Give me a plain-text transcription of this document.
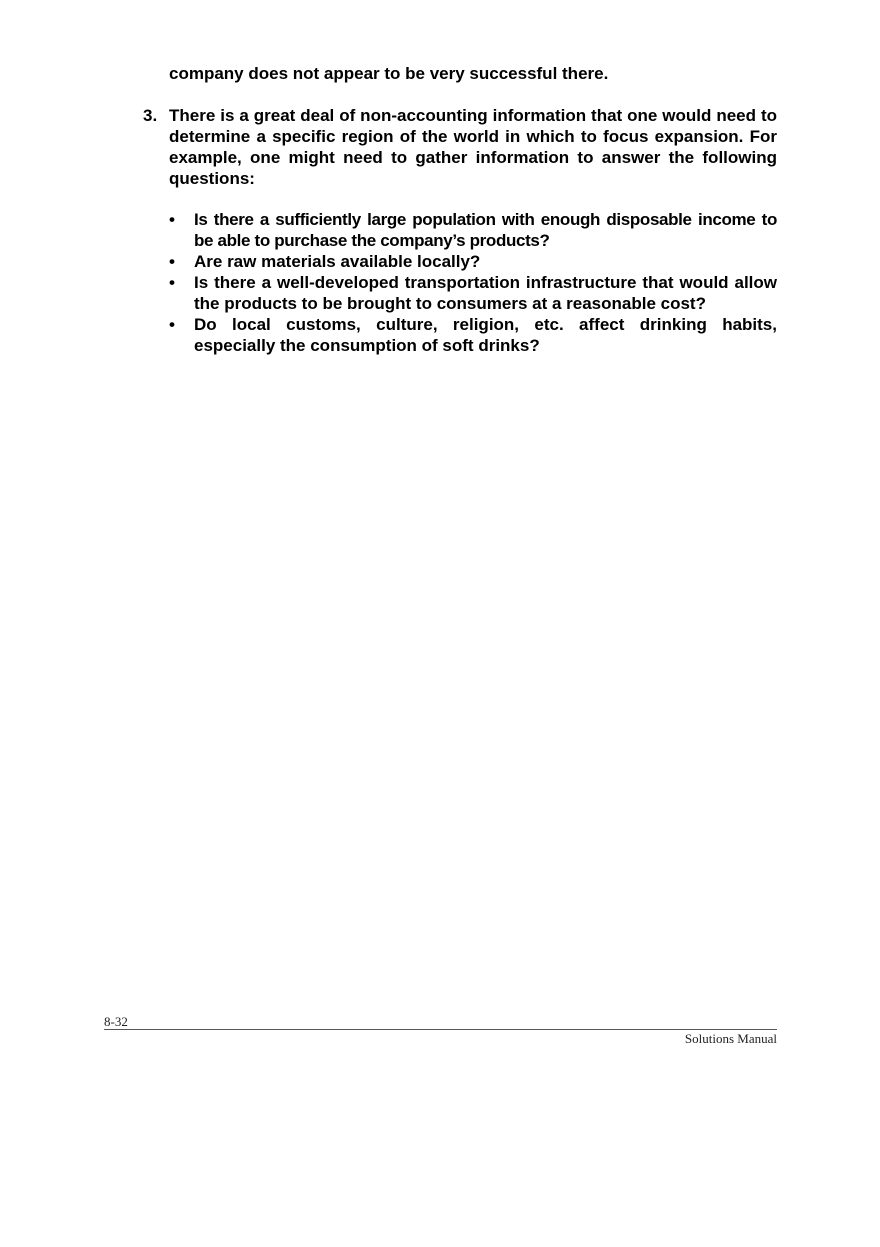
company does not appear to be very successful there.

3. There is a great deal of non-accounting information that one would need to determine a specific region of the world in which to focus expansion. For example, one might need to gather information to answer the following questions:

• Is there a sufficiently large population with enough disposable income to be able to purchase the company’s products?
• Are raw materials available locally?
• Is there a well-developed transportation infrastructure that would allow the products to be brought to consumers at a reasonable cost?
• Do local customs, culture, religion, etc. affect drinking habits, especially the consumption of soft drinks?
8-32
Solutions Manual
